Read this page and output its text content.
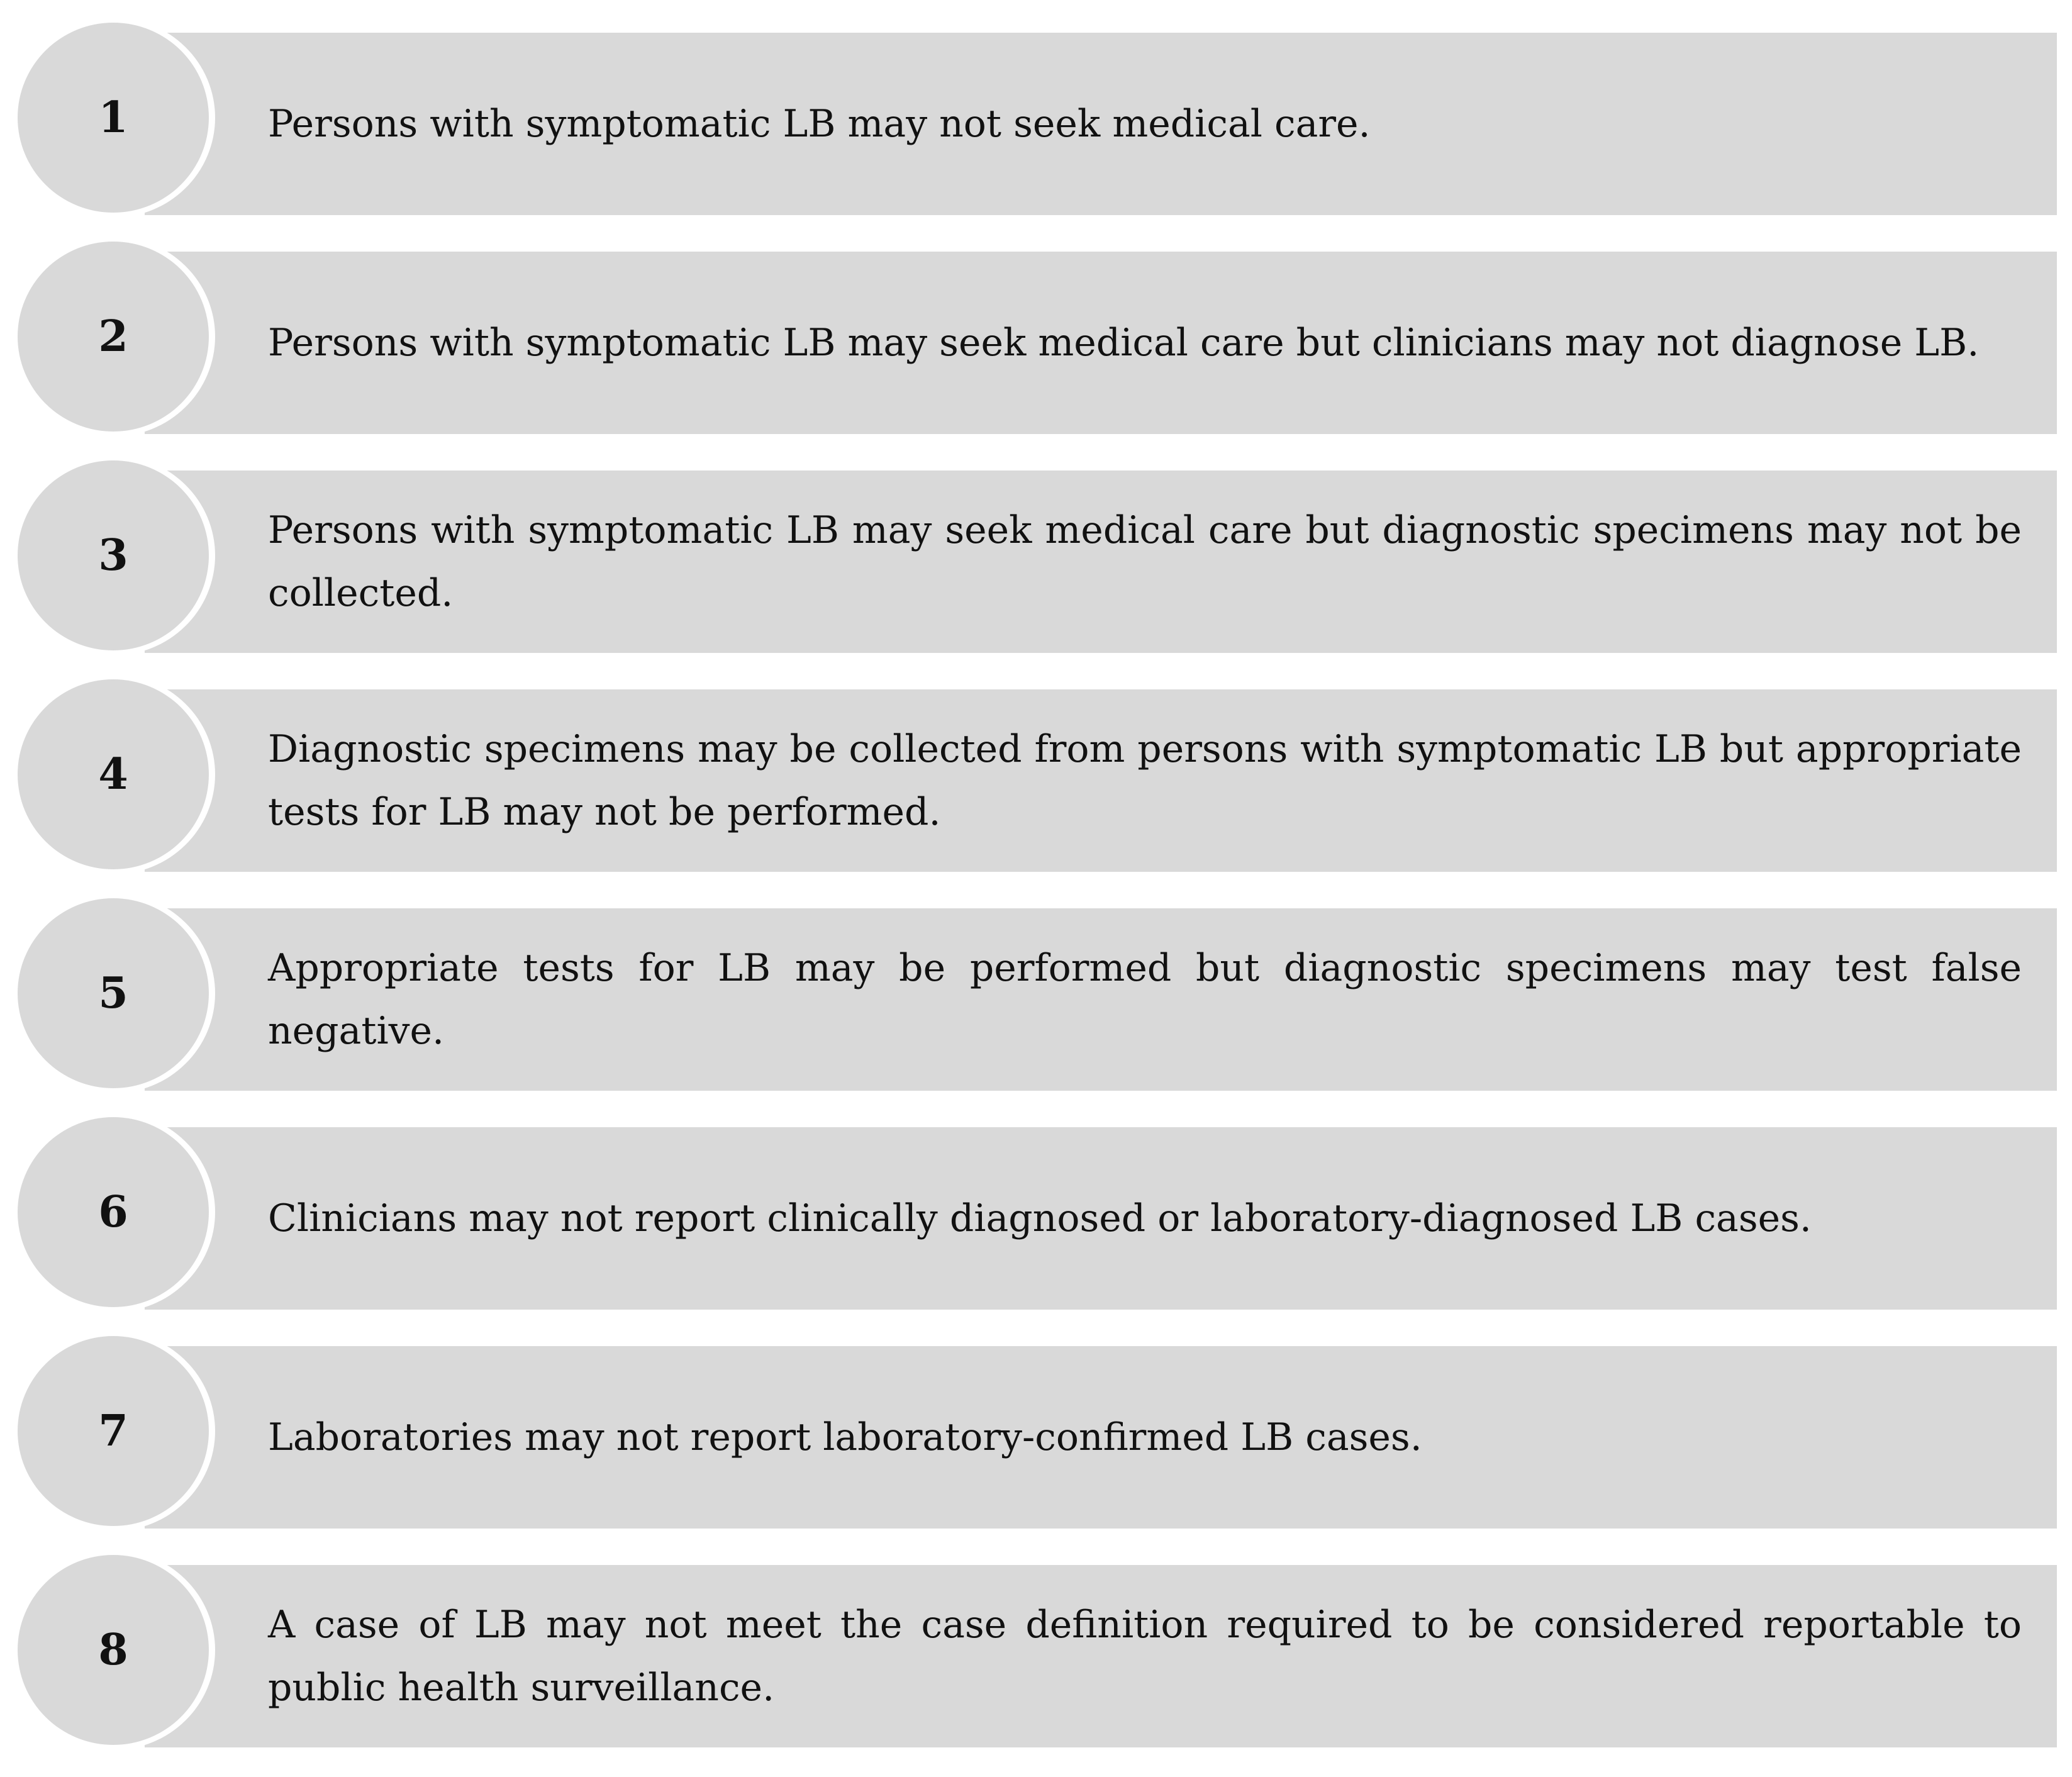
1	Persons with symptomatic LB may not seek medical care.
2	Persons with symptomatic LB may seek medical care but clinicians may not diagnose LB.
3	Persons with symptomatic LB may seek medical care but diagnostic specimens may not be collected.
4	Diagnostic specimens may be collected from persons with symptomatic LB but appropriate tests for LB may not be performed.
5	Appropriate tests for LB may be performed but diagnostic specimens may test false negative.
6	Clinicians may not report clinically diagnosed or laboratory-diagnosed LB cases.
7	Laboratories may not report laboratory-confirmed LB cases.
8	A case of LB may not meet the case definition required to be considered reportable to public health surveillance.
